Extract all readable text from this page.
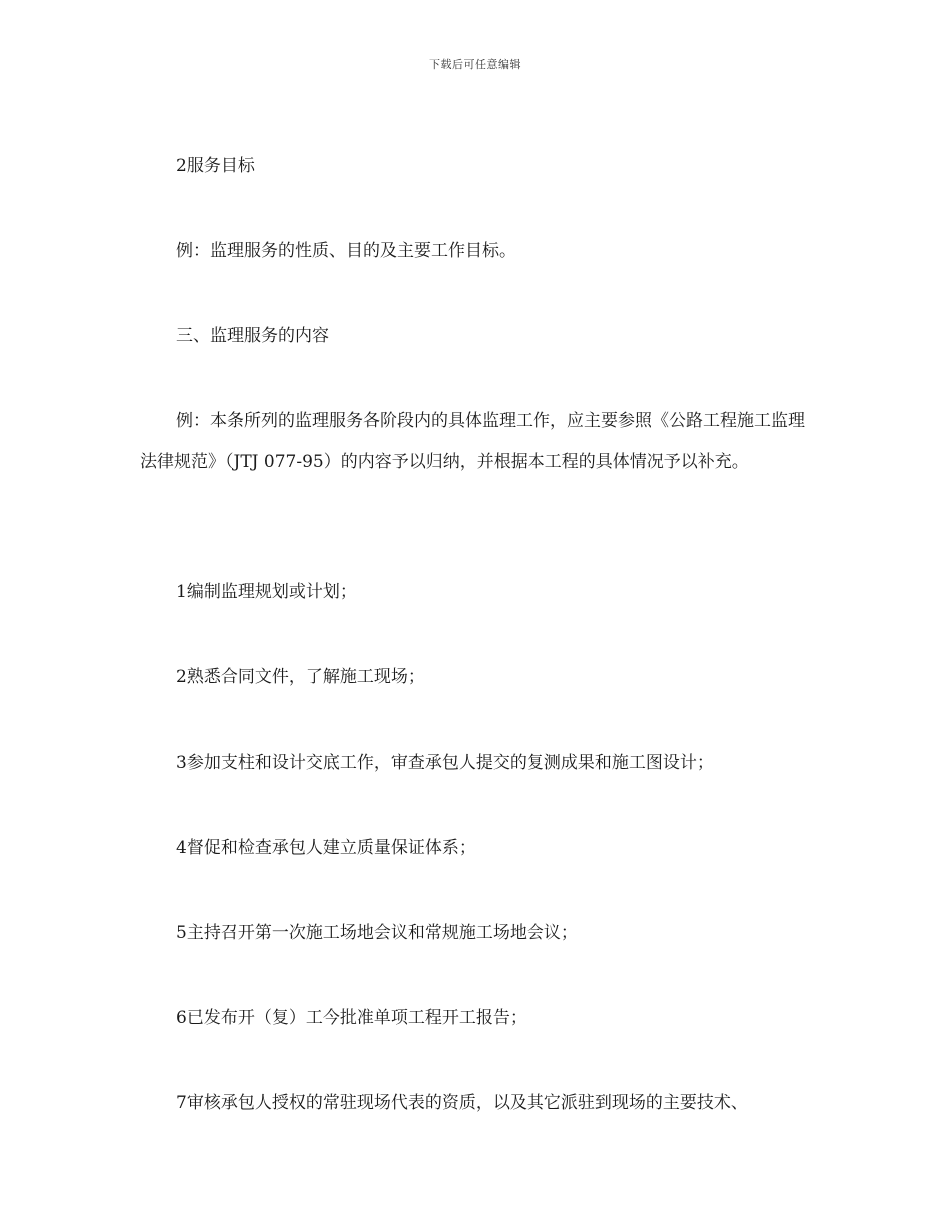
下载后可任意编辑

2服务目标

例：监理服务的性质、目的及主要工作目标。

三、监理服务的内容

例：本条所列的监理服务各阶段内的具体监理工作，应主要参照《公路工程施工监理法律规范》（JTJ 077-95）的内容予以归纳，并根据本工程的具体情况予以补充。

1编制监理规划或计划；

2熟悉合同文件，了解施工现场；

3参加支柱和设计交底工作，审查承包人提交的复测成果和施工图设计；

4督促和检查承包人建立质量保证体系；

5主持召开第一次施工场地会议和常规施工场地会议；

6已发布开（复）工今批准单项工程开工报告；

7审核承包人授权的常驻现场代表的资质，以及其它派驻到现场的主要技术、
